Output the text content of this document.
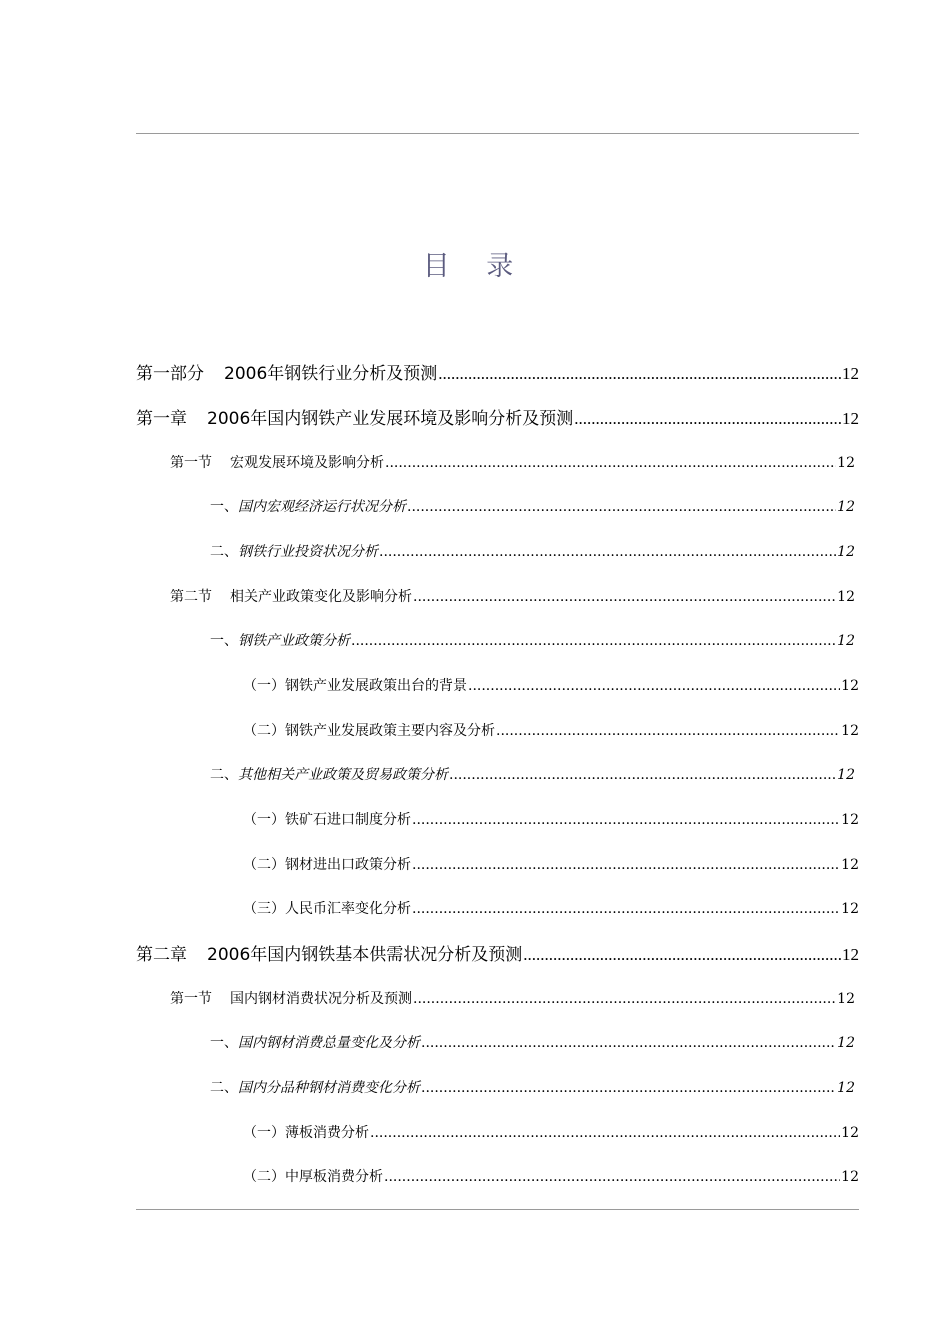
目 录
第一部分	2006年钢铁行业分析及预测 .....	12
第一章	2006年国内钢铁产业发展环境及影响分析及预测 .....	12
第一节	宏观发展环境及影响分析 .....	12
一、 国内宏观经济运行状况分析 .....	12
二、 钢铁行业投资状况分析 .....	12
第二节	相关产业政策变化及影响分析 .....	12
一、 钢铁产业政策分析 .....	12
（一） 钢铁产业发展政策出台的背景 .....	12
（二） 钢铁产业发展政策主要内容及分析 .....	12
二、 其他相关产业政策及贸易政策分析 .....	12
（一） 铁矿石进口制度分析 .....	12
（二） 钢材进出口政策分析 .....	12
（三） 人民币汇率变化分析 .....	12
第二章	2006年国内钢铁基本供需状况分析及预测 .....	12
第一节	国内钢材消费状况分析及预测 .....	12
一、 国内钢材消费总量变化及分析 .....	12
二、 国内分品种钢材消费变化分析 .....	12
（一） 薄板消费分析 .....	12
（二） 中厚板消费分析 .....	12
